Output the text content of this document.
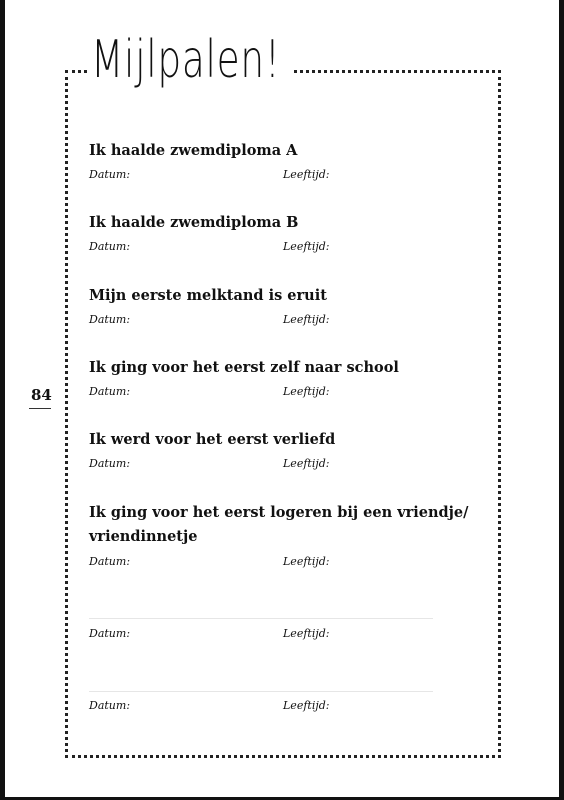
Mijlpalen!
84
Ik haalde zwemdiploma A
Datum:	Leeftijd:
Ik haalde zwemdiploma B
Datum:	Leeftijd:
Mijn eerste melktand is eruit
Datum:	Leeftijd:
Ik ging voor het eerst zelf naar school
Datum:	Leeftijd:
Ik werd voor het eerst verliefd
Datum:	Leeftijd:
Ik ging voor het eerst logeren bij een vriendje/
vriendinnetje
Datum:	Leeftijd:
Datum:	Leeftijd:
Datum:	Leeftijd:
